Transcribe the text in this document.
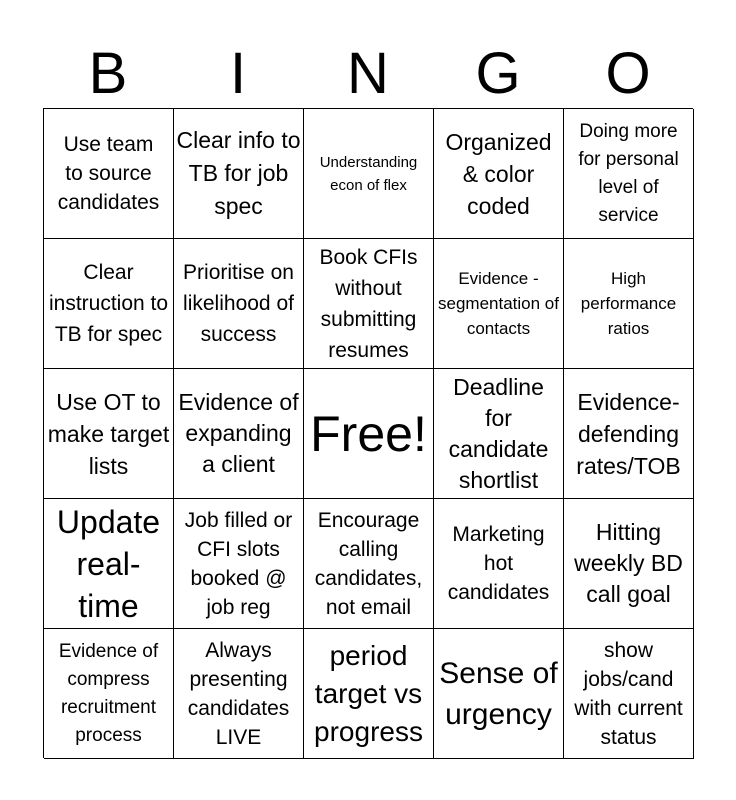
B	I	N	G	O
Use team to source candidates
Clear info to TB for job spec
Understanding econ of flex
Organized & color coded
Doing more for personal level of service
Clear instruction to TB for spec
Prioritise on likelihood of success
Book CFIs without submitting resumes
Evidence - segmentation of contacts
High performance ratios
Use OT to make target lists
Evidence of expanding a client
Free!
Deadline for candidate shortlist
Evidence-defending rates/TOB
Update real-time
Job filled or CFI slots booked @ job reg
Encourage calling candidates, not email
Marketing hot candidates
Hitting weekly BD call goal
Evidence of compress recruitment process
Always presenting candidates LIVE
period target vs progress
Sense of urgency
show jobs/cand with current status
